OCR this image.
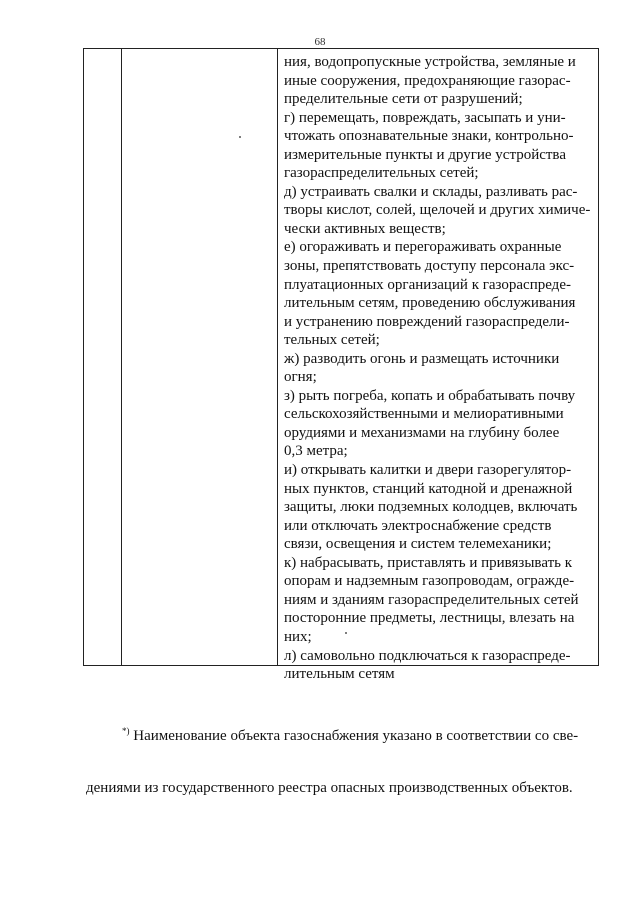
68
ния, водопропускные устройства, земляные и
иные сооружения, предохраняющие газорас-
пределительные сети от разрушений;
г) перемещать, повреждать, засыпать и уни-
чтожать опознавательные знаки, контрольно-
измерительные пункты и другие устройства
газораспределительных сетей;
д) устраивать свалки и склады, разливать рас-
творы кислот, солей, щелочей и других химиче-
чески активных веществ;
е) огораживать и перегораживать охранные
зоны, препятствовать доступу персонала экс-
плуатационных организаций к газораспреде-
лительным сетям, проведению обслуживания
и устранению повреждений газораспредели-
тельных сетей;
ж) разводить огонь и размещать источники
огня;
з) рыть погреба, копать и обрабатывать почву
сельскохозяйственными и мелиоративными
орудиями и механизмами на глубину более
0,3 метра;
и) открывать калитки и двери газорегулятор-
ных пунктов, станций катодной и дренажной
защиты, люки подземных колодцев, включать
или отключать электроснабжение средств
связи, освещения и систем телемеханики;
к) набрасывать, приставлять и привязывать к
опорам и надземным газопроводам, огражде-
ниям и зданиям газораспределительных сетей
посторонние предметы, лестницы, влезать на
них;
л) самовольно подключаться к газораспреде-
лительным сетям

*) Наименование объекта газоснабжения указано в соответствии со све-

дениями из государственного реестра опасных производственных объектов.
